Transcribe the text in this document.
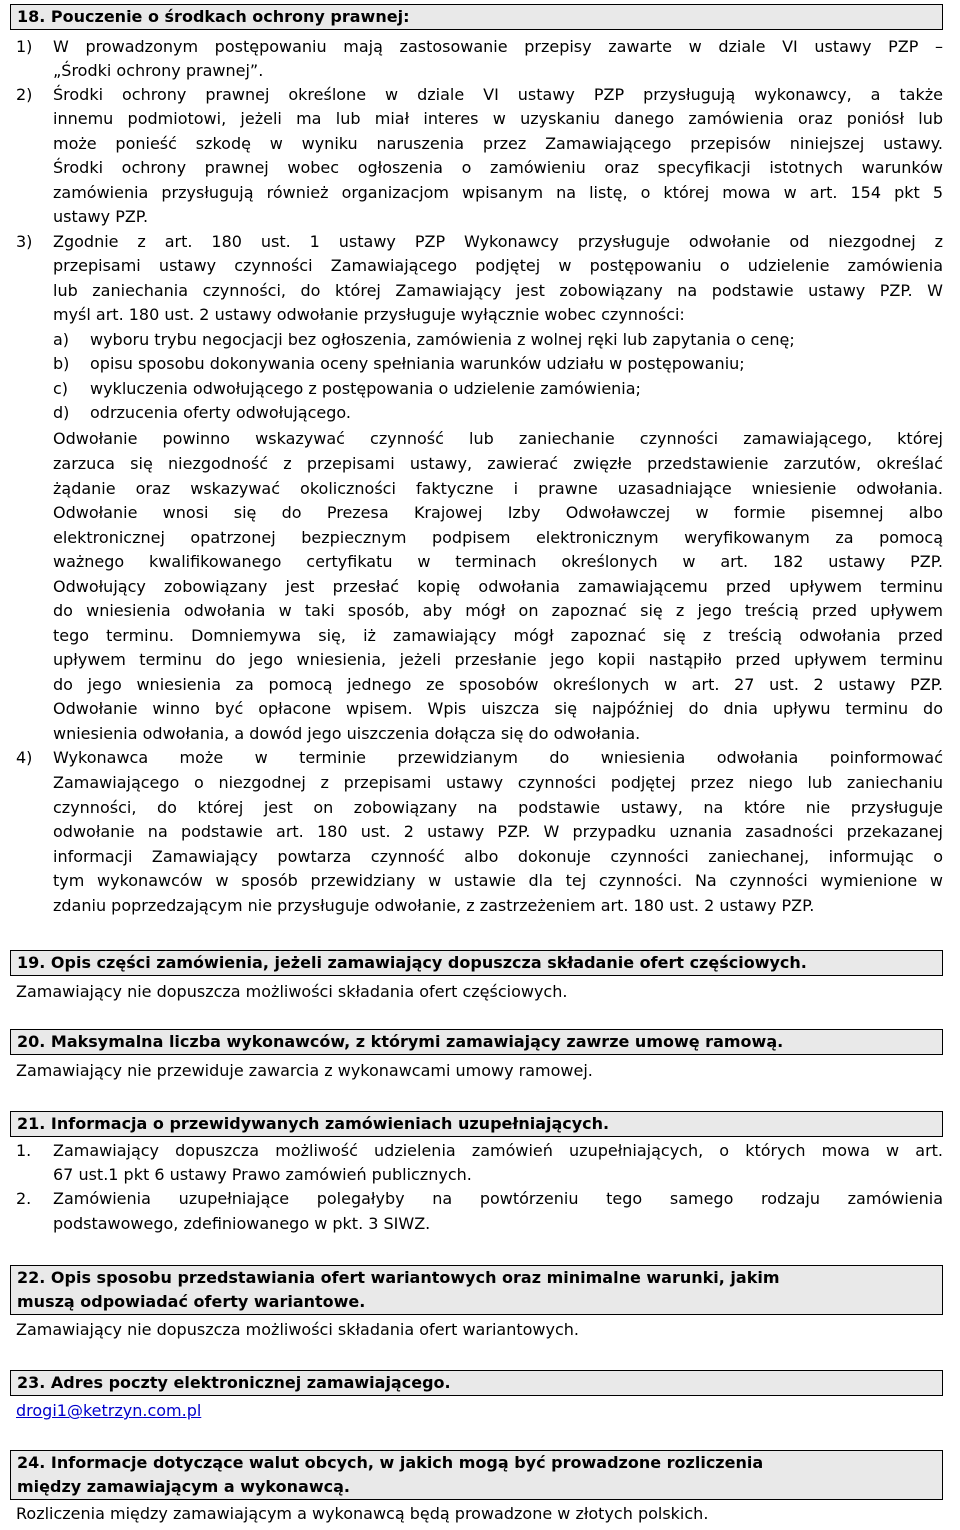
18. Pouczenie o środkach ochrony prawnej:
1) W prowadzonym postępowaniu mają zastosowanie przepisy zawarte w dziale VI ustawy PZP –
„Środki ochrony prawnej”.
2) Środki ochrony prawnej określone w dziale VI ustawy PZP przysługują wykonawcy, a także
innemu podmiotowi, jeżeli ma lub miał interes w uzyskaniu danego zamówienia oraz poniósł lub
może ponieść szkodę w wyniku naruszenia przez Zamawiającego przepisów niniejszej ustawy.
Środki ochrony prawnej wobec ogłoszenia o zamówieniu oraz specyfikacji istotnych warunków
zamówienia przysługują również organizacjom wpisanym na listę, o której mowa w art. 154 pkt 5
ustawy PZP.
3) Zgodnie z art. 180 ust. 1 ustawy PZP Wykonawcy przysługuje odwołanie od niezgodnej z
przepisami ustawy czynności Zamawiającego podjętej w postępowaniu o udzielenie zamówienia
lub zaniechania czynności, do której Zamawiający jest zobowiązany na podstawie ustawy PZP. W
myśl art. 180 ust. 2 ustawy odwołanie przysługuje wyłącznie wobec czynności:
a) wyboru trybu negocjacji bez ogłoszenia, zamówienia z wolnej ręki lub zapytania o cenę;
b) opisu sposobu dokonywania oceny spełniania warunków udziału w postępowaniu;
c) wykluczenia odwołującego z postępowania o udzielenie zamówienia;
d) odrzucenia oferty odwołującego.
Odwołanie powinno wskazywać czynność lub zaniechanie czynności zamawiającego, której
zarzuca się niezgodność z przepisami ustawy, zawierać zwięzłe przedstawienie zarzutów, określać
żądanie oraz wskazywać okoliczności faktyczne i prawne uzasadniające wniesienie odwołania.
Odwołanie wnosi się do Prezesa Krajowej Izby Odwoławczej w formie pisemnej albo
elektronicznej opatrzonej bezpiecznym podpisem elektronicznym weryfikowanym za pomocą
ważnego kwalifikowanego certyfikatu w terminach określonych w art. 182 ustawy PZP.
Odwołujący zobowiązany jest przesłać kopię odwołania zamawiającemu przed upływem terminu
do wniesienia odwołania w taki sposób, aby mógł on zapoznać się z jego treścią przed upływem
tego terminu. Domniemywa się, iż zamawiający mógł zapoznać się z treścią odwołania przed
upływem terminu do jego wniesienia, jeżeli przesłanie jego kopii nastąpiło przed upływem terminu
do jego wniesienia za pomocą jednego ze sposobów określonych w art. 27 ust. 2 ustawy PZP.
Odwołanie winno być opłacone wpisem. Wpis uiszcza się najpóźniej do dnia upływu terminu do
wniesienia odwołania, a dowód jego uiszczenia dołącza się do odwołania.
4) Wykonawca może w terminie przewidzianym do wniesienia odwołania poinformować
Zamawiającego o niezgodnej z przepisami ustawy czynności podjętej przez niego lub zaniechaniu
czynności, do której jest on zobowiązany na podstawie ustawy, na które nie przysługuje
odwołanie na podstawie art. 180 ust. 2 ustawy PZP. W przypadku uznania zasadności przekazanej
informacji Zamawiający powtarza czynność albo dokonuje czynności zaniechanej, informując o
tym wykonawców w sposób przewidziany w ustawie dla tej czynności. Na czynności wymienione w
zdaniu poprzedzającym nie przysługuje odwołanie, z zastrzeżeniem art. 180 ust. 2 ustawy PZP.
19. Opis części zamówienia, jeżeli zamawiający dopuszcza składanie ofert częściowych.
Zamawiający nie dopuszcza możliwości składania ofert częściowych.
20. Maksymalna liczba wykonawców, z którymi zamawiający zawrze umowę ramową.
Zamawiający nie przewiduje zawarcia z wykonawcami umowy ramowej.
21. Informacja o przewidywanych zamówieniach uzupełniających.
1. Zamawiający dopuszcza możliwość udzielenia zamówień uzupełniających, o których mowa w art.
67 ust.1 pkt 6 ustawy Prawo zamówień publicznych.
2. Zamówienia uzupełniające polegałyby na powtórzeniu tego samego rodzaju zamówienia
podstawowego, zdefiniowanego w pkt. 3 SIWZ.
22. Opis sposobu przedstawiania ofert wariantowych oraz minimalne warunki, jakim
muszą odpowiadać oferty wariantowe.
Zamawiający nie dopuszcza możliwości składania ofert wariantowych.
23. Adres poczty elektronicznej zamawiającego.
drogi1@ketrzyn.com.pl
24. Informacje dotyczące walut obcych, w jakich mogą być prowadzone rozliczenia
między zamawiającym a wykonawcą.
Rozliczenia między zamawiającym a wykonawcą będą prowadzone w złotych polskich.
